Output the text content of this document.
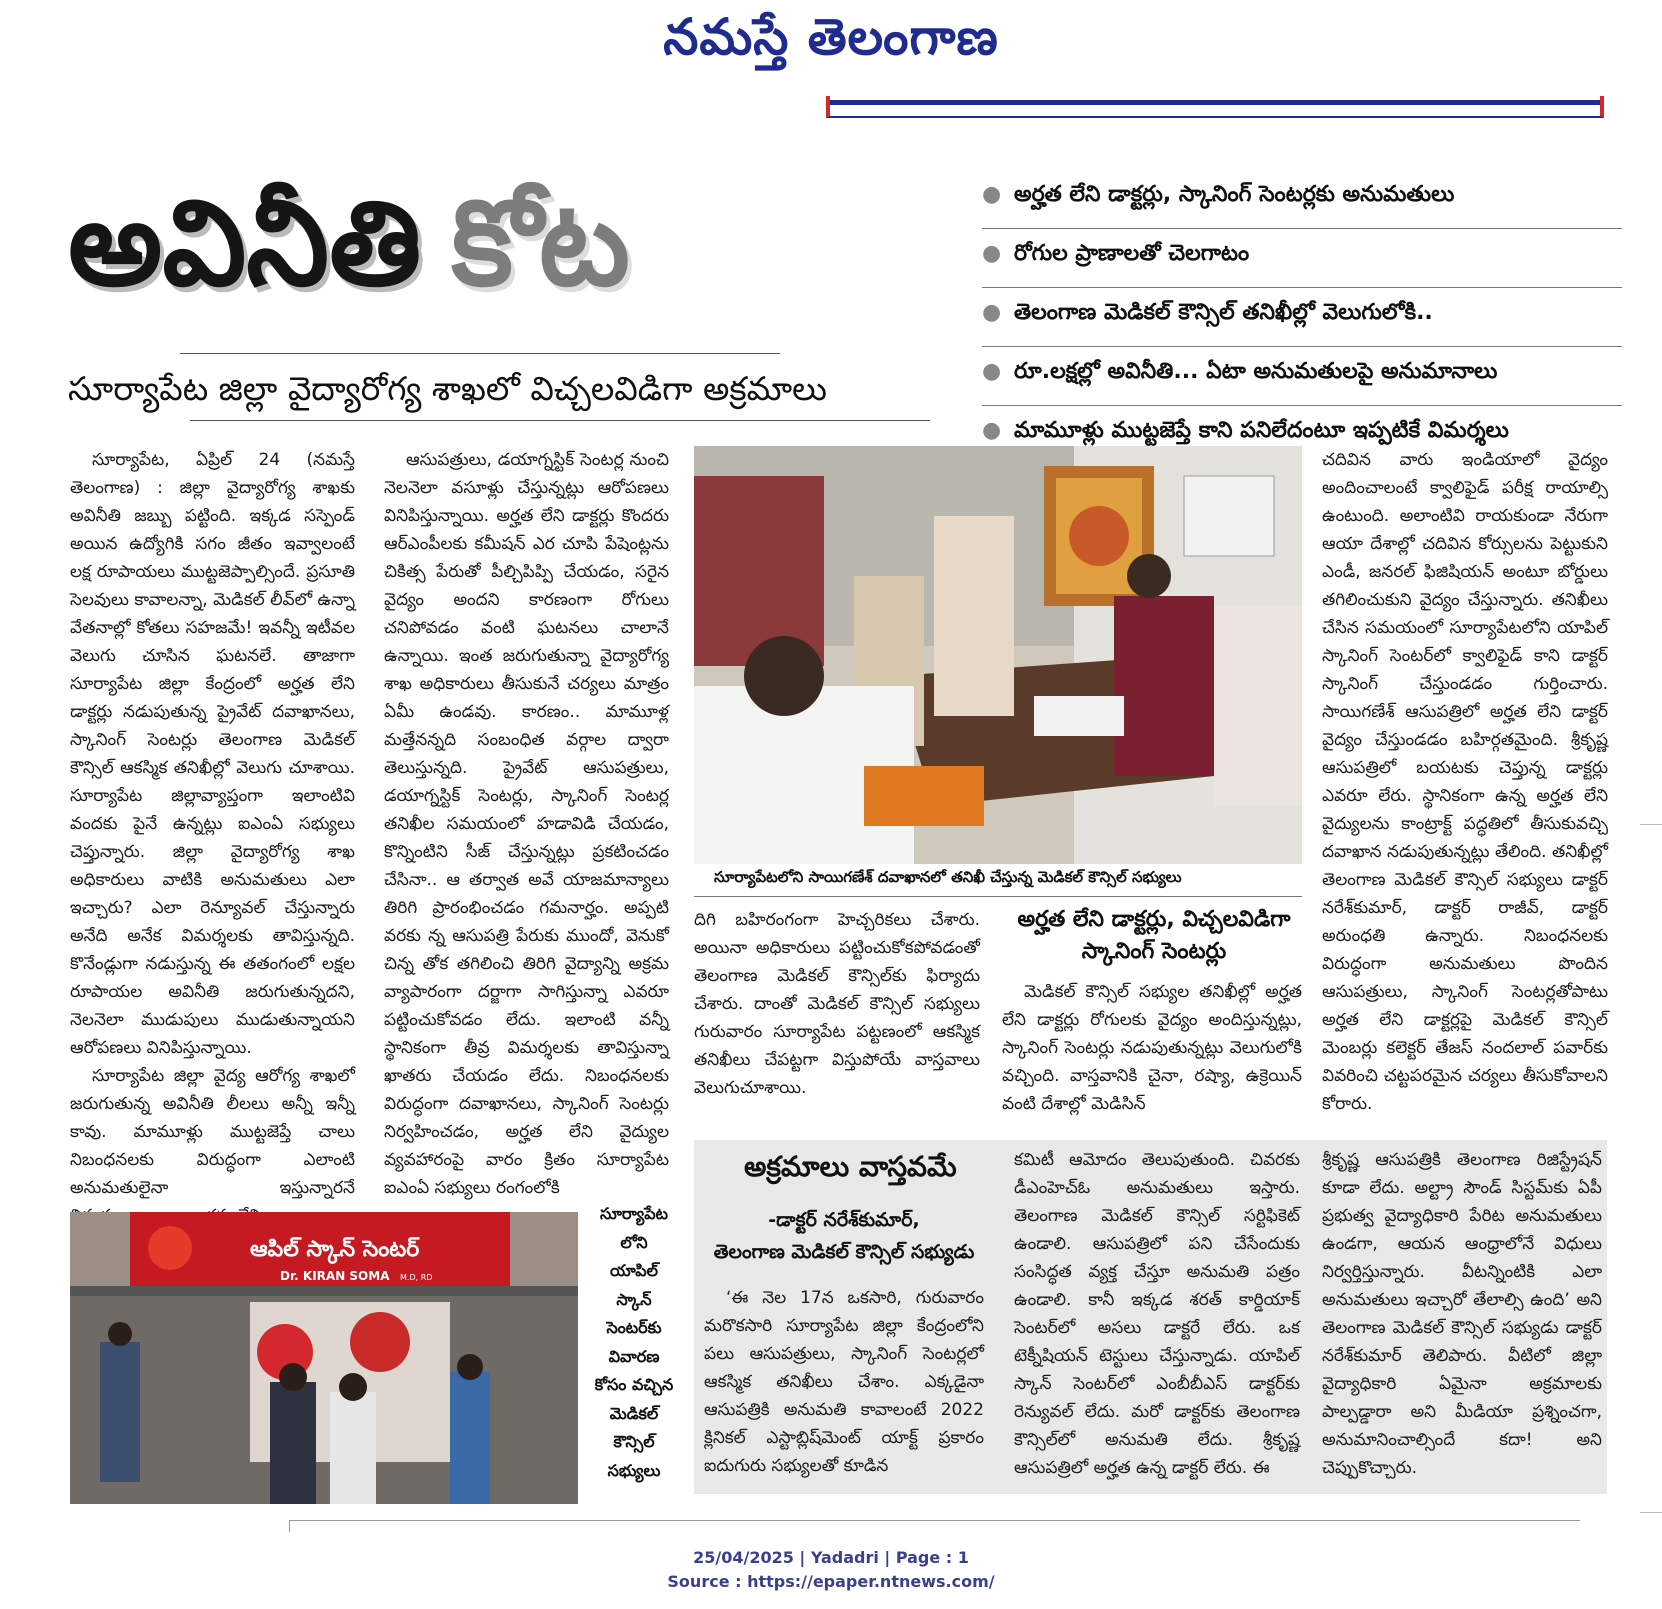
నమస్తే తెలంగాణ
అవినీతి కోట
సూర్యాపేట జిల్లా వైద్యారోగ్య శాఖలో విచ్చలవిడిగా అక్రమాలు
● అర్హత లేని డాక్టర్లు, స్కానింగ్ సెంటర్లకు అనుమతులు
● రోగుల ప్రాణాలతో చెలగాటం
● తెలంగాణ మెడికల్ కౌన్సిల్ తనిఖీల్లో వెలుగులోకి..
● రూ.లక్షల్లో అవినీతి... ఏటా అనుమతులపై అనుమానాలు
● మామూళ్లు ముట్టజెప్తే కాని పనిలేదంటూ ఇప్పటికే విమర్శలు

సూర్యాపేట, ఏప్రిల్ 24 (నమస్తే తెలంగాణ) : జిల్లా వైద్యారోగ్య శాఖకు అవినీతి జబ్బు పట్టింది. ఇక్కడ సస్పెండ్ అయిన ఉద్యోగికి సగం జీతం ఇవ్వాలంటే లక్ష రూపాయలు ముట్టజెప్పాల్సిందే. ప్రసూతి సెలవులు కావాలన్నా, మెడికల్ లీవ్‌లో ఉన్నా వేతనాల్లో కోతలు సహజమే! ఇవన్నీ ఇటీవల వెలుగు చూసిన ఘటనలే. తాజాగా సూర్యాపేట జిల్లా కేంద్రంలో అర్హత లేని డాక్టర్లు నడుపుతున్న ప్రైవేట్ దవాఖానలు, స్కానింగ్ సెంటర్లు తెలంగాణ మెడికల్ కౌన్సిల్ ఆకస్మిక తనిఖీల్లో వెలుగు చూశాయి. సూర్యాపేట జిల్లావ్యాప్తంగా ఇలాంటివి వందకు పైనే ఉన్నట్లు ఐఎంఏ సభ్యులు చెప్తున్నారు. జిల్లా వైద్యారోగ్య శాఖ అధికారులు వాటికి అనుమతులు ఎలా ఇచ్చారు? ఎలా రెన్యూవల్ చేస్తున్నారు అనేది అనేక విమర్శలకు తావిస్తున్నది. కొనేండ్లుగా నడుస్తున్న ఈ తతంగంలో లక్షల రూపాయల అవినీతి జరుగుతున్నదని, నెలనెలా ముడుపులు ముడుతున్నాయని ఆరోపణలు వినిపిస్తున్నాయి.

సూర్యాపేట జిల్లా వైద్య ఆరోగ్య శాఖలో జరుగుతున్న అవినీతి లీలలు అన్నీ ఇన్నీ కావు. మామూళ్లు ముట్టజెప్తే చాలు నిబంధనలకు విరుద్ధంగా ఎలాంటి అనుమతులైనా ఇస్తున్నారనే

ఆసుపత్రులు, డయాగ్నస్టిక్ సెంటర్ల నుంచి నెలనెలా వసూళ్లు చేస్తున్నట్లు ఆరోపణలు వినిపిస్తున్నాయి. అర్హత లేని డాక్టర్లు కొందరు ఆర్ఎంపీలకు కమీషన్ ఎర చూపి పేషెంట్లను చికిత్స పేరుతో పీల్చిపిప్పి చేయడం, సరైన వైద్యం అందని కారణంగా రోగులు చనిపోవడం వంటి ఘటనలు చాలానే ఉన్నాయి. ఇంత జరుగుతున్నా వైద్యారోగ్య శాఖ అధికారులు తీసుకునే చర్యలు మాత్రం ఏమీ ఉండవు. కారణం.. మామూళ్ల మత్తేనన్నది సంబంధిత వర్గాల ద్వారా తెలుస్తున్నది. ప్రైవేట్ ఆసుపత్రులు, డయాగ్నస్టిక్ సెంటర్లు, స్కానింగ్ సెంటర్ల తనిఖీల సమయంలో హడావిడి చేయడం, కొన్నింటిని సీజ్ చేస్తున్నట్లు ప్రకటించడం చేసినా.. ఆ తర్వాత అవే యాజమాన్యాలు తిరిగి ప్రారంభించడం గమనార్హం. అప్పటి వరకు న్న ఆసుపత్రి పేరుకు ముందో, వెనుకో చిన్న తోక తగిలించి తిరిగి వైద్యాన్ని అక్రమ వ్యాపారంగా దర్జాగా సాగిస్తున్నా ఎవరూ పట్టించుకోవడం లేదు. ఇలాంటి వన్నీ స్థానికంగా తీవ్ర విమర్శలకు తావిస్తున్నా ఖాతరు చేయడం లేదు. నిబంధనలకు విరుద్ధంగా దవాఖానలు, స్కానింగ్ సెంటర్లు నిర్వహించడం, అర్హత లేని వైద్యుల వ్యవహారంపై వారం క్రితం సూర్యాపేట ఐఎంఏ సభ్యులు రంగంలోకి

సూర్యాపేటలోని సాయిగణేశ్ దవాఖానలో తనిఖీ చేస్తున్న మెడికల్ కౌన్సిల్ సభ్యులు

దిగి బహిరంగంగా హెచ్చరికలు చేశారు. అయినా అధికారులు పట్టించుకోకపోవడంతో తెలంగాణ మెడికల్ కౌన్సిల్‌కు ఫిర్యాదు చేశారు. దాంతో మెడికల్ కౌన్సిల్ సభ్యులు గురువారం సూర్యాపేట పట్టణంలో ఆకస్మిక తనిఖీలు చేపట్టగా విస్తుపోయే వాస్తవాలు వెలుగుచూశాయి.

అర్హత లేని డాక్టర్లు, విచ్చలవిడిగా స్కానింగ్ సెంటర్లు

మెడికల్ కౌన్సిల్ సభ్యుల తనిఖీల్లో అర్హత లేని డాక్టర్లు రోగులకు వైద్యం అందిస్తున్నట్లు, స్కానింగ్ సెంటర్లు నడుపుతున్నట్లు వెలుగులోకి వచ్చింది. వాస్తవానికి చైనా, రష్యా, ఉక్రెయిన్ వంటి దేశాల్లో మెడిసిన్

చదివిన వారు ఇండియాలో వైద్యం అందించాలంటే క్వాలిఫైడ్ పరీక్ష రాయాల్సి ఉంటుంది. అలాంటివి రాయకుండా నేరుగా ఆయా దేశాల్లో చదివిన కోర్సులను పెట్టుకుని ఎండీ, జనరల్ ఫిజిషియన్ అంటూ బోర్డులు తగిలించుకుని వైద్యం చేస్తున్నారు. తనిఖీలు చేసిన సమయంలో సూర్యాపేటలోని యాపిల్ స్కానింగ్ సెంటర్‌లో క్వాలిఫైడ్ కాని డాక్టర్ స్కానింగ్ చేస్తుండడం గుర్తించారు. సాయిగణేశ్ ఆసుపత్రిలో అర్హత లేని డాక్టర్ వైద్యం చేస్తుండడం బహిర్గతమైంది. శ్రీకృష్ణ ఆసుపత్రిలో బయటకు చెప్తున్న డాక్టర్లు ఎవరూ లేరు. స్థానికంగా ఉన్న అర్హత లేని వైద్యులను కాంట్రాక్ట్ పద్ధతిలో తీసుకువచ్చి దవాఖాన నడుపుతున్నట్లు తేలింది. తనిఖీల్లో తెలంగాణ మెడికల్ కౌన్సిల్ సభ్యులు డాక్టర్ నరేశ్‌కుమార్, డాక్టర్ రాజీవ్, డాక్టర్ అరుంధతి ఉన్నారు. నిబంధనలకు విరుద్ధంగా అనుమతులు పొందిన ఆసుపత్రులు, స్కానింగ్ సెంటర్లతోపాటు అర్హత లేని డాక్టర్లపై మెడికల్ కౌన్సిల్ మెంబర్లు కలెక్టర్ తేజస్ నందలాల్ పవార్‌కు వివరించి చట్టపరమైన చర్యలు తీసుకోవాలని కోరారు.

ఆపిల్ స్కాన్ సెంటర్
Dr. KIRAN SOMA M.D, RD
సూర్యాపేట
లోని
యాపిల్
స్కాన్
సెంటర్‌కు
వివారణ
కోసం వచ్చిన
మెడికల్
కౌన్సిల్
సభ్యులు
అక్రమాలు వాస్తవమే
-డాక్టర్ నరేశ్‌కుమార్,
తెలంగాణ మెడికల్ కౌన్సిల్ సభ్యుడు

‘ఈ నెల 17న ఒకసారి, గురువారం మరొకసారి సూర్యాపేట జిల్లా కేంద్రంలోని పలు ఆసుపత్రులు, స్కానింగ్ సెంటర్లలో ఆకస్మిక తనిఖీలు చేశాం. ఎక్కడైనా ఆసుపత్రికి అనుమతి కావాలంటే 2022 క్లినికల్ ఎస్టాబ్లిష్‌మెంట్ యాక్ట్ ప్రకారం ఐదుగురు సభ్యులతో కూడిన

కమిటీ ఆమోదం తెలుపుతుంది. చివరకు డీఎంహెచ్ఓ అనుమతులు ఇస్తారు. తెలంగాణ మెడికల్ కౌన్సిల్ సర్టిఫికెట్ ఉండాలి. ఆసుపత్రిలో పని చేసేందుకు సంసిద్ధత వ్యక్త చేస్తూ అనుమతి పత్రం ఉండాలి. కానీ ఇక్కడ శరత్ కార్డియాక్ సెంటర్‌లో అసలు డాక్టరే లేరు. ఒక టెక్నీషియన్ టెస్టులు చేస్తున్నాడు. యాపిల్ స్కాన్ సెంటర్‌లో ఎంబీబీఎస్ డాక్టర్‌కు రెన్యువల్ లేదు. మరో డాక్టర్‌కు తెలంగాణ కౌన్సిల్‌లో అనుమతి లేదు. శ్రీకృష్ణ ఆసుపత్రిలో అర్హత ఉన్న డాక్టర్ లేరు. ఈ

శ్రీకృష్ణ ఆసుపత్రికి తెలంగాణ రిజిస్ట్రేషన్ కూడా లేదు. అల్ట్రా సౌండ్ సిస్టమ్‌కు ఏపీ ప్రభుత్వ వైద్యాధికారి పేరిట అనుమతులు ఉండగా, ఆయన ఆంధ్రాలోనే విధులు నిర్వర్తిస్తున్నారు. వీటన్నింటికి ఎలా అనుమతులు ఇచ్చారో తేలాల్సి ఉంది’ అని తెలంగాణ మెడికల్ కౌన్సిల్ సభ్యుడు డాక్టర్ నరేశ్‌కుమార్ తెలిపారు. వీటిలో జిల్లా వైద్యాధికారి ఏమైనా అక్రమాలకు పాల్పడ్డారా అని మీడియా ప్రశ్నించగా, అనుమానించాల్సిందే కదా! అని చెప్పుకొచ్చారు.

25/04/2025 | Yadadri | Page : 1
Source : https://epaper.ntnews.com/
